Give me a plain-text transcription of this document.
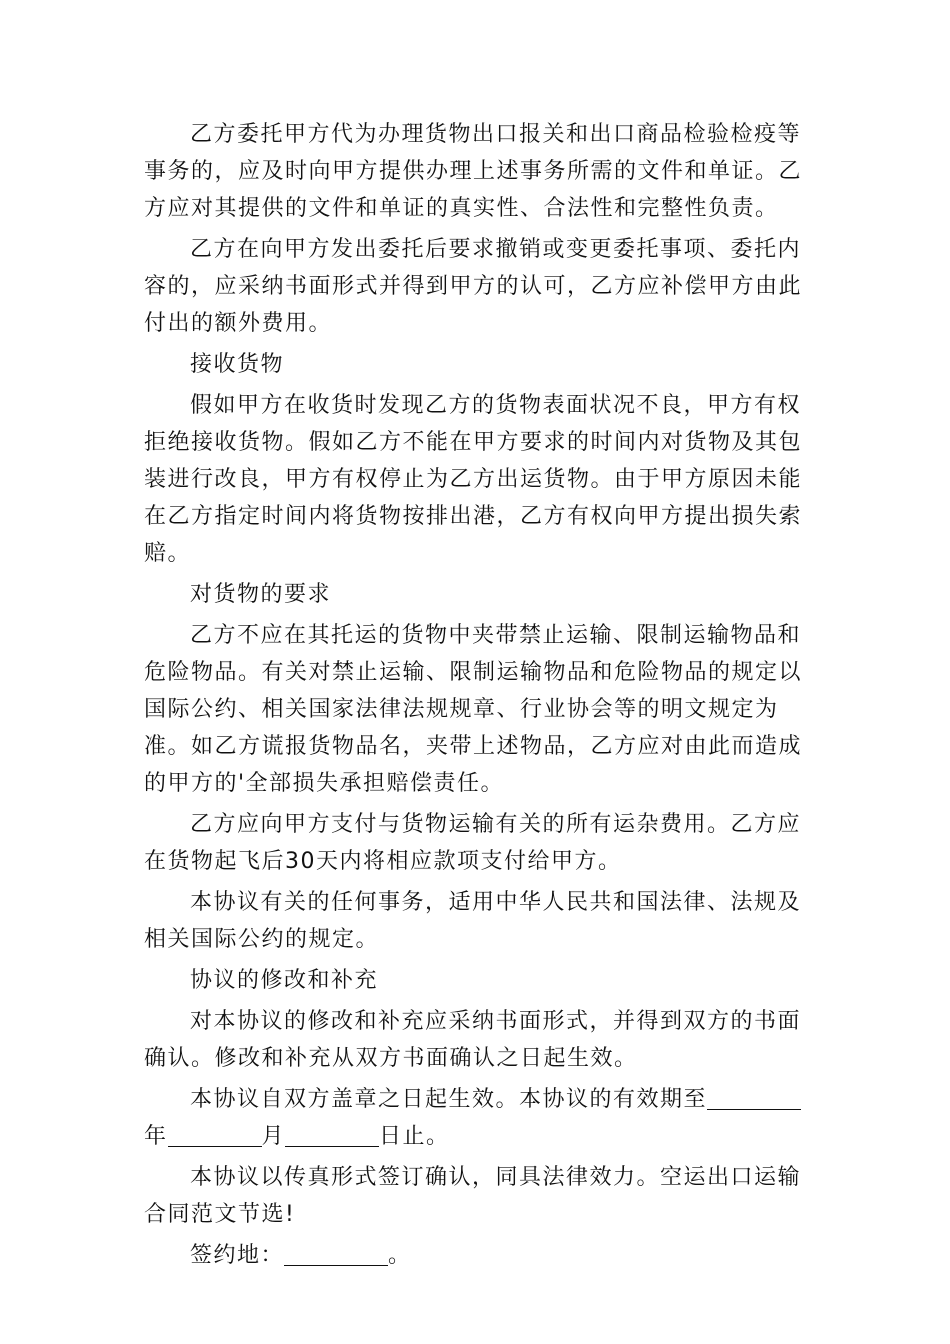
乙方委托甲方代为办理货物出口报关和出口商品检验检疫等事务的，应及时向甲方提供办理上述事务所需的文件和单证。乙方应对其提供的文件和单证的真实性、合法性和完整性负责。

乙方在向甲方发出委托后要求撤销或变更委托事项、委托内容的，应采纳书面形式并得到甲方的认可，乙方应补偿甲方由此付出的额外费用。

接收货物

假如甲方在收货时发现乙方的货物表面状况不良，甲方有权拒绝接收货物。假如乙方不能在甲方要求的时间内对货物及其包装进行改良，甲方有权停止为乙方出运货物。由于甲方原因未能在乙方指定时间内将货物按排出港，乙方有权向甲方提出损失索赔。

对货物的要求

乙方不应在其托运的货物中夹带禁止运输、限制运输物品和危险物品。有关对禁止运输、限制运输物品和危险物品的规定以国际公约、相关国家法律法规规章、行业协会等的明文规定为准。如乙方谎报货物品名，夹带上述物品，乙方应对由此而造成的甲方的'全部损失承担赔偿责任。

乙方应向甲方支付与货物运输有关的所有运杂费用。乙方应在货物起飞后30天内将相应款项支付给甲方。

本协议有关的任何事务，适用中华人民共和国法律、法规及相关国际公约的规定。

协议的修改和补充

对本协议的修改和补充应采纳书面形式，并得到双方的书面确认。修改和补充从双方书面确认之日起生效。

本协议自双方盖章之日起生效。本协议的有效期至年	月	日止。

本协议以传真形式签订确认，同具法律效力。空运出口运输合同范文节选!

签约地：	。
